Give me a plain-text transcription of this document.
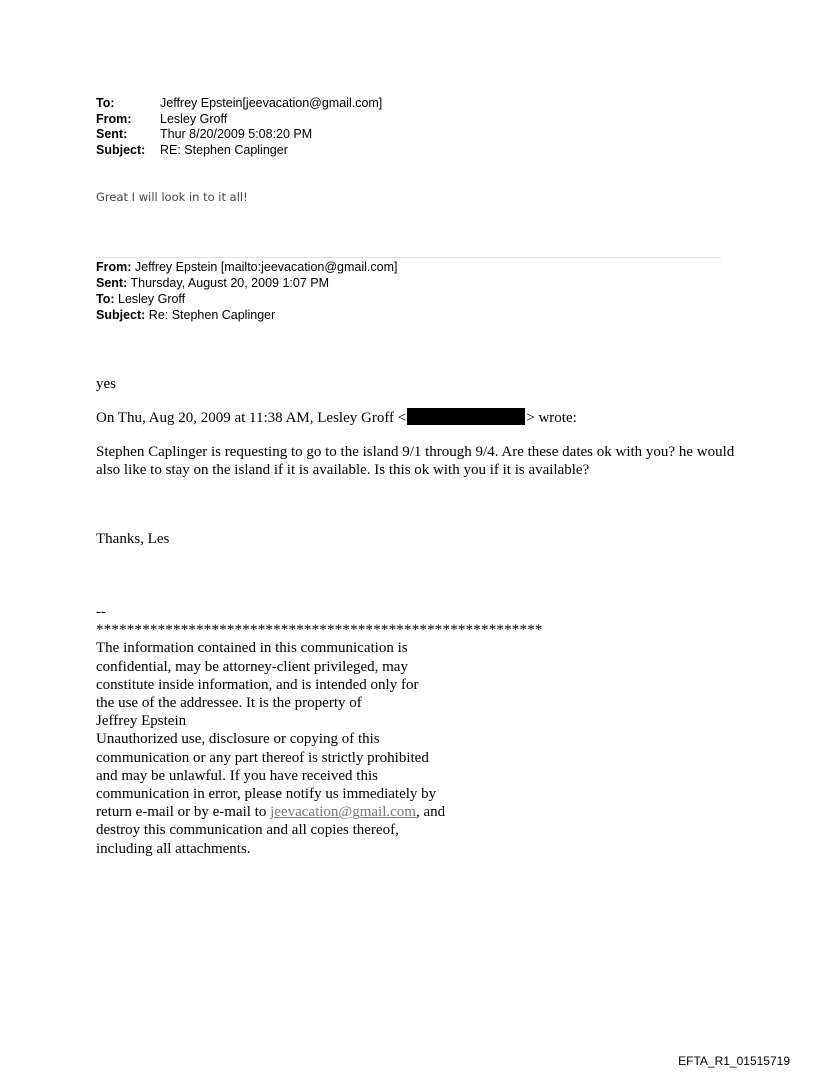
To:	Jeffrey Epstein[jeevacation@gmail.com]
From:	Lesley Groff
Sent:	Thur 8/20/2009 5:08:20 PM
Subject:	RE: Stephen Caplinger
Great I will look in to it all!
From: Jeffrey Epstein [mailto:jeevacation@gmail.com]
Sent: Thursday, August 20, 2009 1:07 PM
To: Lesley Groff
Subject: Re: Stephen Caplinger
yes
On Thu, Aug 20, 2009 at 11:38 AM, Lesley Groff <	> wrote:
Stephen Caplinger is requesting to go to the island 9/1 through 9/4. Are these dates ok with you? he would also like to stay on the island if it is available. Is this ok with you if it is available?
Thanks, Les
--
**********************************************************
The information contained in this communication is
confidential, may be attorney-client privileged, may
constitute inside information, and is intended only for
the use of the addressee. It is the property of
Jeffrey Epstein
Unauthorized use, disclosure or copying of this
communication or any part thereof is strictly prohibited
and may be unlawful. If you have received this
communication in error, please notify us immediately by
return e-mail or by e-mail to jeevacation@gmail.com, and
destroy this communication and all copies thereof,
including all attachments.
EFTA_R1_01515719
